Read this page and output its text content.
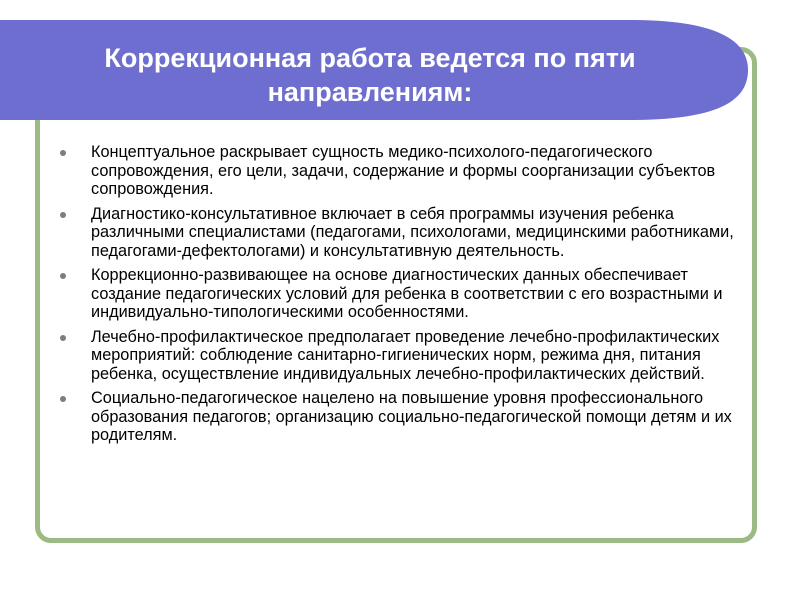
Коррекционная работа ведется по пяти направлениям:
Концептуальное раскрывает сущность медико-психолого-педагогического сопровождения, его цели, задачи, содержание и формы соорганизации субъектов сопровождения.
Диагностико-консультативное включает в себя программы изучения ребенка различными специалистами (педагогами, психологами, медицинскими работниками, педагогами-дефектологами) и консультативную деятельность.
Коррекционно-развивающее на основе диагностических данных обеспечивает создание педагогических условий для ребенка в соответствии с его возрастными и индивидуально-типологическими особенностями.
Лечебно-профилактическое предполагает проведение лечебно-профилактических мероприятий: соблюдение санитарно-гигиенических норм, режима дня, питания ребенка, осуществление индивидуальных лечебно-профилактических действий.
Социально-педагогическое нацелено на повышение уровня профессионального образования педагогов; организацию социально-педагогической помощи детям и их родителям.
